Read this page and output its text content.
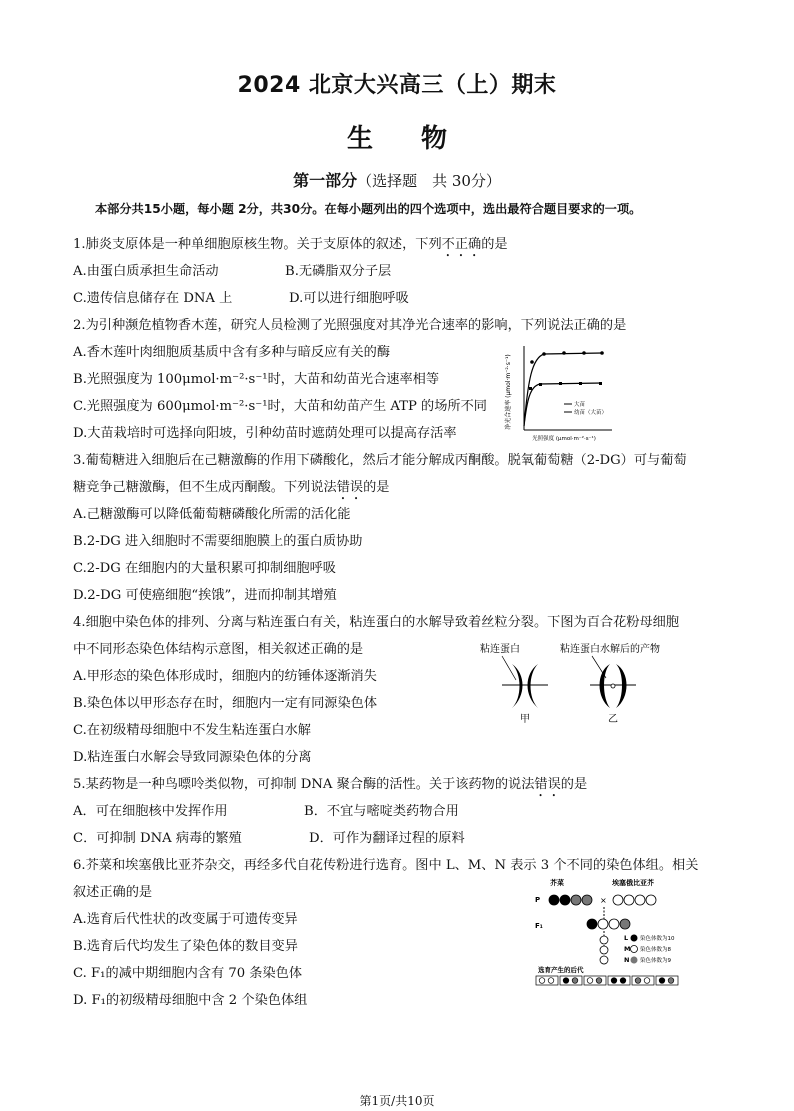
2024 北京大兴高三（上）期末
生物
第一部分（选择题　共 30分）
本部分共15小题，每小题 2分，共30分。在每小题列出的四个选项中，选出最符合题目要求的一项。
1.肺炎支原体是一种单细胞原核生物。关于支原体的叙述，下列不正确的是
A.由蛋白质承担生命活动	B.无磷脂双分子层
C.遗传信息储存在 DNA 上	D.可以进行细胞呼吸
2.为引种濒危植物香木莲，研究人员检测了光照强度对其净光合速率的影响，下列说法正确的是
A.香木莲叶肉细胞质基质中含有多种与暗反应有关的酶
B.光照强度为 100μmol·m⁻²·s⁻¹时，大苗和幼苗光合速率相等
C.光照强度为 600μmol·m⁻²·s⁻¹时，大苗和幼苗产生 ATP 的场所不同
D.大苗栽培时可选择向阳坡，引种幼苗时遮荫处理可以提高存活率
净光合速率 (μmol·m⁻²·s⁻¹)	大苗
幼苗（大苗）
光照强度 (μmol·m⁻²·s⁻¹)
3.葡萄糖进入细胞后在己糖激酶的作用下磷酸化，然后才能分解成丙酮酸。脱氧葡萄糖（2-DG）可与葡萄
糖竞争己糖激酶，但不生成丙酮酸。下列说法错误的是
A.己糖激酶可以降低葡萄糖磷酸化所需的活化能
B.2-DG 进入细胞时不需要细胞膜上的蛋白质协助
C.2-DG 在细胞内的大量积累可抑制细胞呼吸
D.2-DG 可使癌细胞“挨饿”，进而抑制其增殖
4.细胞中染色体的排列、分离与粘连蛋白有关，粘连蛋白的水解导致着丝粒分裂。下图为百合花粉母细胞
中不同形态染色体结构示意图，相关叙述正确的是
A.甲形态的染色体形成时，细胞内的纺锤体逐渐消失
B.染色体以甲形态存在时，细胞内一定有同源染色体
C.在初级精母细胞中不发生粘连蛋白水解
D.粘连蛋白水解会导致同源染色体的分离
粘连蛋白	粘连蛋白水解后的产物
甲	乙
5.某药物是一种鸟嘌呤类似物，可抑制 DNA 聚合酶的活性。关于该药物的说法错误的是
A．可在细胞核中发挥作用	B．不宜与嘧啶类药物合用
C．可抑制 DNA 病毒的繁殖	D．可作为翻译过程的原料
6.芥菜和埃塞俄比亚芥杂交，再经多代自花传粉进行选育。图中 L、M、N 表示 3 个不同的染色体组。相关
叙述正确的是
A.选育后代性状的改变属于可遗传变异
B.选育后代均发生了染色体的数目变异
C. F₁的减中期细胞内含有 70 条染色体
D. F₁的初级精母细胞中含 2 个染色体组
芥菜	埃塞俄比亚芥
P	×
F₁
L 染色体数为10
M 染色体数为8
N 染色体数为9
选育产生的后代
第1页/共10页
